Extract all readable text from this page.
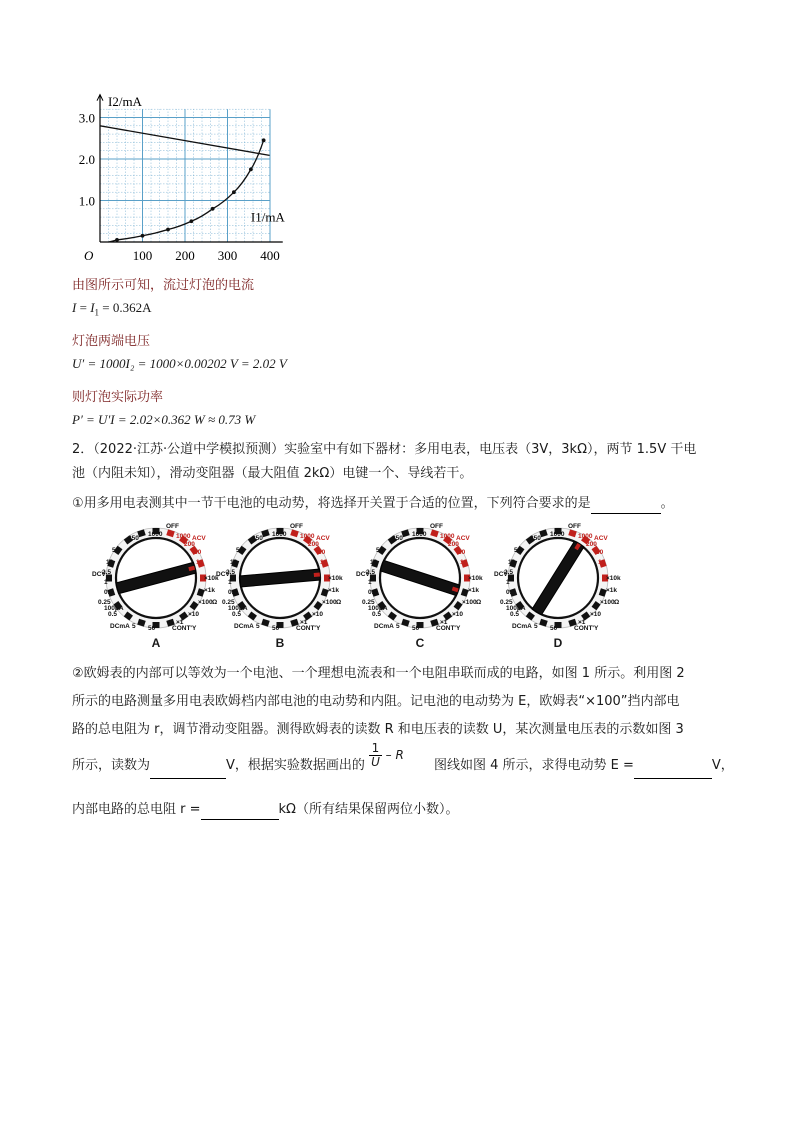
100 200 300 400
1.0
2.0
3.0
O
I2/mA
I1/mA
由图所示可知，流过灯泡的电流
$I = I_1 = 0.362A$
灯泡两端电压
U′ = 1000I₂ = 1000×0.00202 V = 2.02 V
则灯泡实际功率
P′ = U′I = 2.02×0.362 W ≈ 0.73 W
2．（2022·江苏·公道中学模拟预测）实验室中有如下器材：多用电表，电压表（3V，3kΩ），两节 1.5V 干电
池（内阻未知），滑动变阻器（最大阻值 2kΩ）电键一个、导线若干。
①用多用电表测其中一节干电池的电动势，将选择开关置于合适的位置，下列符合要求的是	。
OFF
1000
250	1000
200
ACV
50
10
×10k
×1k
×100 Ω
×10
×1
CONT'Y
50
5
DCmA
0.5
0.25
100μA
0.5
1
2.5
DCV
10
50
A
OFF
1000
250	1000
200
ACV
50
10
×10k
×1k
×100 Ω
×10
×1
CONT'Y
50
5
DCmA
0.5
0.25
100μA
0.5
1
2.5
DCV
10
50
B
OFF
1000
250	1000
200
ACV
50
10
×10k
×1k
×100 Ω
×10
×1
CONT'Y
50
5
DCmA
0.5
0.25
100μA
0.5
1
2.5
DCV
10
50
C
OFF
1000
250	1000
200
ACV
50
10
×10k
×1k
×100 Ω
×10
×1
CONT'Y
50
5
DCmA
0.5
0.25
100μA
0.5
1
2.5
DCV
10
50
D
②欧姆表的内部可以等效为一个电池、一个理想电流表和一个电阻串联而成的电路，如图 1 所示。利用图 2
所示的电路测量多用电表欧姆档内部电池的电动势和内阻。记电池的电动势为 E，欧姆表“×100”挡内部电
路的总电阻为 r，调节滑动变阻器。测得欧姆表的读数 R 和电压表的读数 U，某次测量电压表的示数如图 3
所示，读数为	V，根据实验数据画出的 $\frac{1}{U}$ – R 图线如图 4 所示，求得电动势 E =	V，
内部电路的总电阻 r =	kΩ（所有结果保留两位小数）。
